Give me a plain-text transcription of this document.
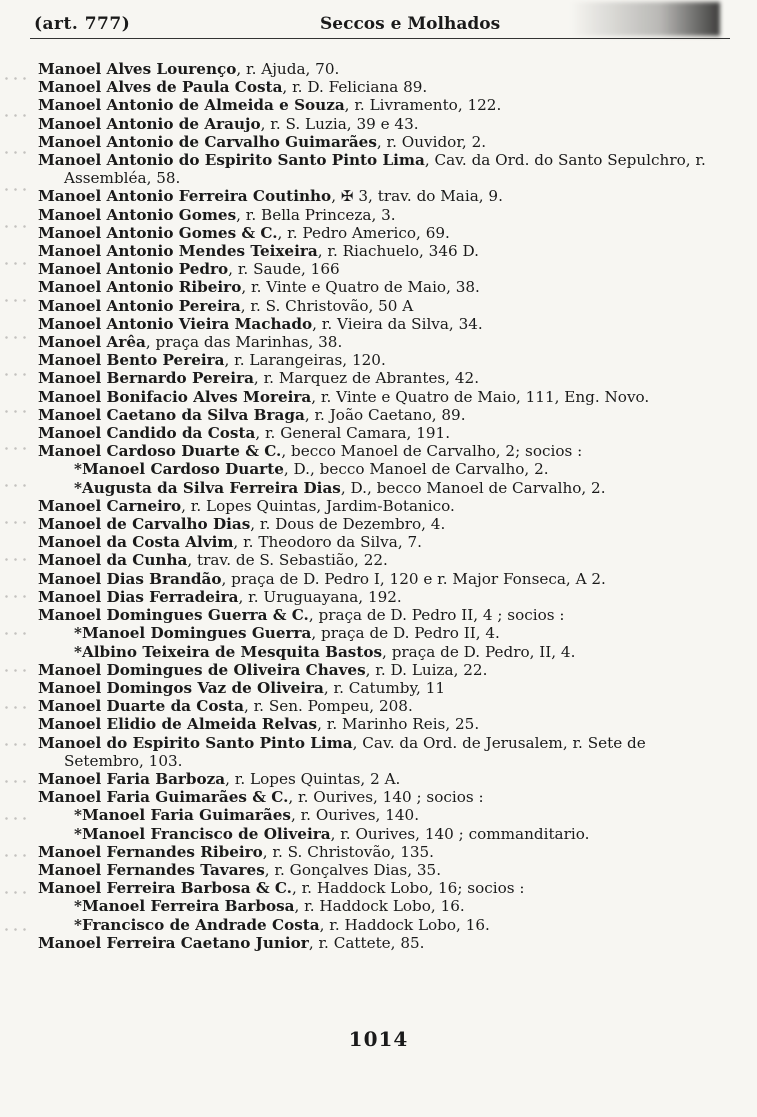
(art. 777)	Seccos e Molhados
Manoel Alves Lourenço, r. Ajuda, 70.
Manoel Alves de Paula Costa, r. D. Feliciana 89.
Manoel Antonio de Almeida e Souza, r. Livramento, 122.
Manoel Antonio de Araujo, r. S. Luzia, 39 e 43.
Manoel Antonio de Carvalho Guimarães, r. Ouvidor, 2.
Manoel Antonio do Espirito Santo Pinto Lima, Cav. da Ord. do Santo Sepulchro, r. Assembléa, 58.
Manoel Antonio Ferreira Coutinho, ✠ 3, trav. do Maia, 9.
Manoel Antonio Gomes, r. Bella Princeza, 3.
Manoel Antonio Gomes & C., r. Pedro Americo, 69.
Manoel Antonio Mendes Teixeira, r. Riachuelo, 346 D.
Manoel Antonio Pedro, r. Saude, 166
Manoel Antonio Ribeiro, r. Vinte e Quatro de Maio, 38.
Manoel Antonio Pereira, r. S. Christovão, 50 A
Manoel Antonio Vieira Machado, r. Vieira da Silva, 34.
Manoel Arêa, praça das Marinhas, 38.
Manoel Bento Pereira, r. Larangeiras, 120.
Manoel Bernardo Pereira, r. Marquez de Abrantes, 42.
Manoel Bonifacio Alves Moreira, r. Vinte e Quatro de Maio, 111, Eng. Novo.
Manoel Caetano da Silva Braga, r. João Caetano, 89.
Manoel Candido da Costa, r. General Camara, 191.
Manoel Cardoso Duarte & C., becco Manoel de Carvalho, 2; socios :
*Manoel Cardoso Duarte, D., becco Manoel de Carvalho, 2.
*Augusta da Silva Ferreira Dias, D., becco Manoel de Carvalho, 2.
Manoel Carneiro, r. Lopes Quintas, Jardim-Botanico.
Manoel de Carvalho Dias, r. Dous de Dezembro, 4.
Manoel da Costa Alvim, r. Theodoro da Silva, 7.
Manoel da Cunha, trav. de S. Sebastião, 22.
Manoel Dias Brandão, praça de D. Pedro I, 120 e r. Major Fonseca, A 2.
Manoel Dias Ferradeira, r. Uruguayana, 192.
Manoel Domingues Guerra & C., praça de D. Pedro II, 4 ; socios :
*Manoel Domingues Guerra, praça de D. Pedro II, 4.
*Albino Teixeira de Mesquita Bastos, praça de D. Pedro, II, 4.
Manoel Domingues de Oliveira Chaves, r. D. Luiza, 22.
Manoel Domingos Vaz de Oliveira, r. Catumby, 11
Manoel Duarte da Costa, r. Sen. Pompeu, 208.
Manoel Elidio de Almeida Relvas, r. Marinho Reis, 25.
Manoel do Espirito Santo Pinto Lima, Cav. da Ord. de Jerusalem, r. Sete de Setembro, 103.
Manoel Faria Barboza, r. Lopes Quintas, 2 A.
Manoel Faria Guimarães & C., r. Ourives, 140 ; socios :
*Manoel Faria Guimarães, r. Ourives, 140.
*Manoel Francisco de Oliveira, r. Ourives, 140 ; commanditario.
Manoel Fernandes Ribeiro, r. S. Christovão, 135.
Manoel Fernandes Tavares, r. Gonçalves Dias, 35.
Manoel Ferreira Barbosa & C., r. Haddock Lobo, 16; socios :
*Manoel Ferreira Barbosa, r. Haddock Lobo, 16.
*Francisco de Andrade Costa, r. Haddock Lobo, 16.
Manoel Ferreira Caetano Junior, r. Cattete, 85.
1014
